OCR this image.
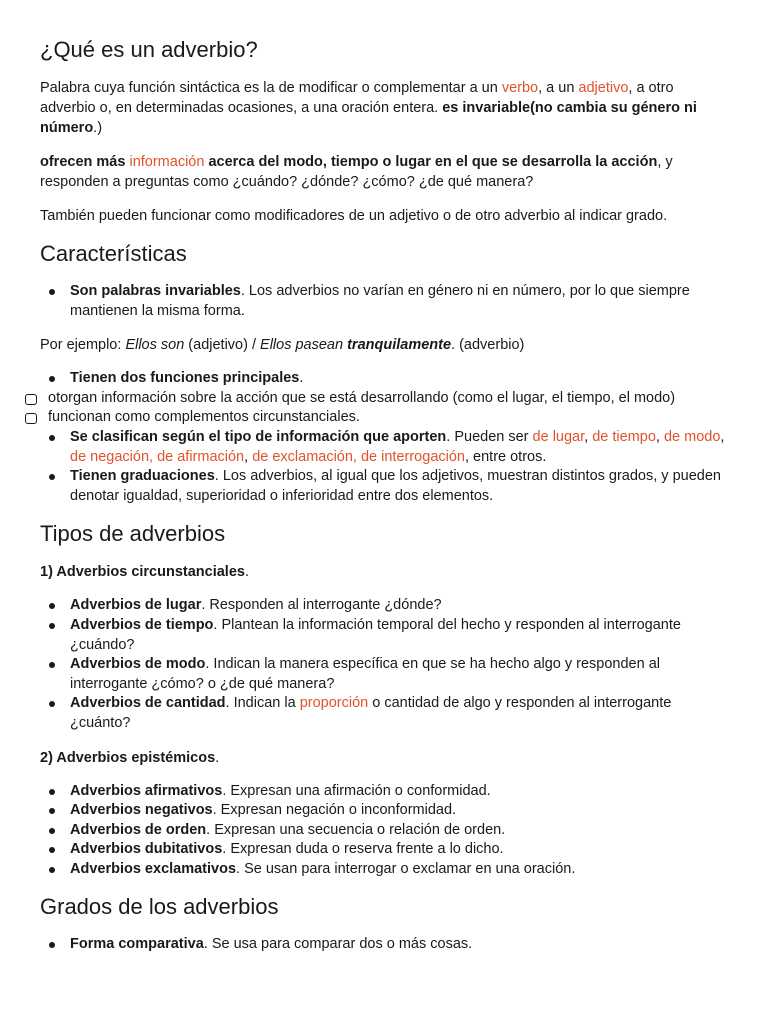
¿Qué es un adverbio?

Palabra cuya función sintáctica es la de modificar o complementar a un verbo, a un adjetivo, a otro adverbio o, en determinadas ocasiones, a una oración entera. es invariable(no cambia su género ni número.)

ofrecen más información acerca del modo, tiempo o lugar en el que se desarrolla la acción, y responden a preguntas como ¿cuándo? ¿dónde? ¿cómo? ¿de qué manera?

También pueden funcionar como modificadores de un adjetivo o de otro adverbio al indicar grado.

Características
Son palabras invariables. Los adverbios no varían en género ni en número, por lo que siempre mantienen la misma forma.

Por ejemplo: Ellos son (adjetivo) / Ellos pasean tranquilamente. (adverbio)

Tienen dos funciones principales.
otorgan información sobre la acción que se está desarrollando (como el lugar, el tiempo, el modo)
funcionan como complementos circunstanciales.
Se clasifican según el tipo de información que aporten. Pueden ser de lugar, de tiempo, de modo, de negación, de afirmación, de exclamación, de interrogación, entre otros.
Tienen graduaciones. Los adverbios, al igual que los adjetivos, muestran distintos grados, y pueden denotar igualdad, superioridad o inferioridad entre dos elementos.
Tipos de adverbios

1) Adverbios circunstanciales.

Adverbios de lugar. Responden al interrogante ¿dónde?
Adverbios de tiempo. Plantean la información temporal del hecho y responden al interrogante ¿cuándo?
Adverbios de modo. Indican la manera específica en que se ha hecho algo y responden al interrogante ¿cómo? o ¿de qué manera?
Adverbios de cantidad. Indican la proporción o cantidad de algo y responden al interrogante ¿cuánto?

2) Adverbios epistémicos.

Adverbios afirmativos. Expresan una afirmación o conformidad.
Adverbios negativos. Expresan negación o inconformidad.
Adverbios de orden. Expresan una secuencia o relación de orden.
Adverbios dubitativos. Expresan duda o reserva frente a lo dicho.
Adverbios exclamativos. Se usan para interrogar o exclamar en una oración.
Grados de los adverbios
Forma comparativa. Se usa para comparar dos o más cosas.
